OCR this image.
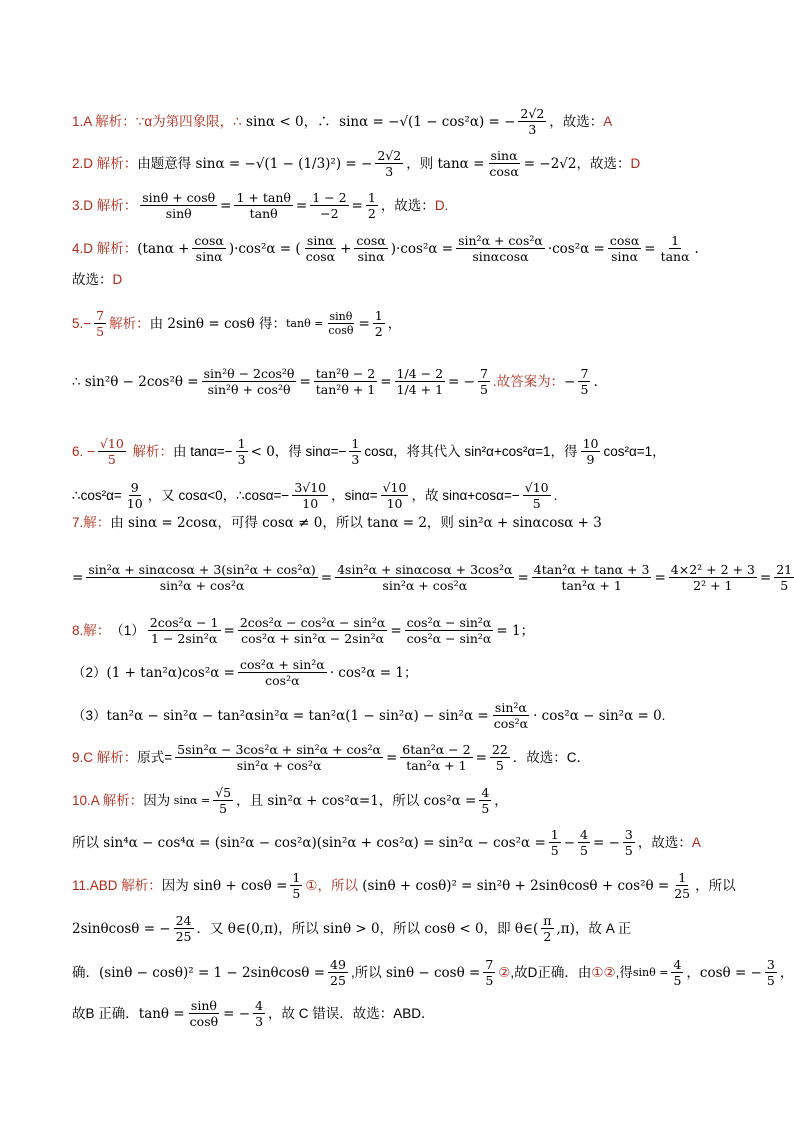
1.A 解析： ∵α为第四象限，∴ sinα < 0，∴  sinα = −√(1 − cos²α) = − $\frac{2√2}{3}$ ，故选： A
2.D 解析： 由题意得 sinα = −√(1 − (1/3)²) = − $\frac{2√2}{3}$ ，则 $\tan\alpha = \frac{\sin\alpha}{\cos\alpha} = -2√2$ ，故选： D
3.D 解析： $\frac{\sin\theta + \cos\theta}{\sin\theta} = \frac{1 + \tan\theta}{\tan\theta} = \frac{1 - 2}{-2} = \frac{1}{2}$ ，故选： D.
4.D 解析： $(\tan\alpha + \frac{\cos\alpha}{\sin\alpha} )\cdot\cos^2\alpha$ = ( $\frac{\sin\alpha}{\cos\alpha} + \frac{\cos\alpha}{\sin\alpha} )\cdot\cos^2\alpha = \frac{\text{sin²α + cos²α}}{\sin\alpha\cos\alpha} \cdot\cos^2\alpha = \frac{\cos\alpha}{\sin\alpha} = \frac{1}{\tan\alpha}$ .
故选： D
$5.- \frac{7}{5}$ 解析： 由 2sinθ = cosθ 得： $\tan\theta = \frac{\sin\theta}{\cos\theta} = \frac{1}{2}$ ，
∴ $\sin^2\theta - 2\cos^2\theta = \frac{\text{sin²θ − 2cos²θ}}{\text{sin²θ + cos²θ}} = \frac{\text{tan²θ − 2}}{\text{tan²θ + 1}} = \frac{1/4 - 2}{1/4 + 1}$ = − $\frac{7}{5}$ .故答案为： − $\frac{7}{5}$ .
6. − $\frac{√10}{5}$ 解析： 由 $\tan\alpha=- \frac{1}{3} < 0$ ，得 $\sin\alpha=- \frac{1}{3}$ cosα，将其代入 sin²α+cos²α=1，得 $\frac{10}{9} \cos^2\alpha=1$，
∴cos²α= $\frac{9}{10}$ ，又 cosα<0，∴cosα=− $\frac{3√10}{10}$ ，$\sin\alpha= \frac{√10}{10}$ ，故 $\sin\alpha+\cos\alpha=- \frac{√10}{5}$ .
7.解： 由 sinα = 2cosα ，可得 cosα ≠ 0 ，所以 tanα = 2 ，则 sin²α + sinαcosα + 3
= $\frac{\text{sin²α + sinαcosα + 3(sin²α + cos²α)}}{\text{sin²α + cos²α}} = \frac{\text{4sin²α + sinαcosα + 3cos²α}}{\text{sin²α + cos²α}} = \frac{\text{4tan²α + tanα + 3}}{\text{tan²α + 1}} = \frac{\text{4×2² + 2 + 3}}{\text{2² + 1}} = \frac{21}{5}$
8.解： $(1) \frac{\text{2cos²α − 1}}{\text{1 − 2sin²α}} = \frac{\text{2cos²α − cos²α − sin²α}}{\text{cos²α + sin²α − 2sin²α}} = \frac{\text{cos²α − sin²α}}{\text{cos²α − sin²α}} = 1$ ；
（2） $(1 + \tan^2\alpha)\cos^2\alpha = \frac{\text{cos²α + sin²α}}{\text{cos²α}} \cdot \cos^2\alpha = 1$ ；
（3） $\tan^2\alpha - \sin^2\alpha - \tan^2\alpha\sin^2\alpha = \tan^2\alpha(1 - \sin^2\alpha) - \sin^2\alpha = \frac{\text{sin²α}}{\text{cos²α}} \cdot \cos^2\alpha - \sin^2\alpha = 0$ .
9.C 解析： 原式= $\frac{\text{5sin²α − 3cos²α + sin²α + cos²α}}{\text{sin²α + cos²α}} = \frac{\text{6tan²α − 2}}{\text{tan²α + 1}} = \frac{22}{5}$ ．故选：C．
10.A 解析： 因为 $\sin\alpha = \frac{√5}{5}$ ，且 sin²α + cos²α=1 ，所以 $\cos^2\alpha = \frac{4}{5}$ ，
所以 $\sin^4\alpha - \cos^4\alpha = (\sin^2\alpha - \cos^2\alpha)(\sin^2\alpha + \cos^2\alpha) = \sin^2\alpha - \cos^2\alpha = \frac{1}{5} - \frac{4}{5}$ = − $\frac{3}{5}$ ，故选： A
11.ABD 解析： 因为 $\sin\theta + \cos\theta = \frac{1}{5}$ ①，所以 $(\sin\theta + \cos\theta)^2 = \sin^2\theta + 2\sin\theta\cos\theta + \cos^2\theta = \frac{1}{25}$ ，所以
2sinθcosθ = − $\frac{24}{25}$ ．又 θ∈(0,π) ，所以 sinθ > 0 ，所以 cosθ < 0 ，即 θ∈( $\frac{\pi}{2} ,\pi$) ，故 A 正
确． $(\sin\theta - \cos\theta)^2 = 1 - 2\sin\theta\cos\theta = \frac{49}{25}$ ,所以 $\sin\theta - \cos\theta = \frac{7}{5}$ ② ,故D正确．由 ①② ,得 $\sin\theta = \frac{4}{5}$ ， cosθ = − $\frac{3}{5}$ ，
故B 正确． $\tan\theta = \frac{\sin\theta}{\cos\theta}$ = − $\frac{4}{3}$ ，故 C 错误．故选：ABD．
